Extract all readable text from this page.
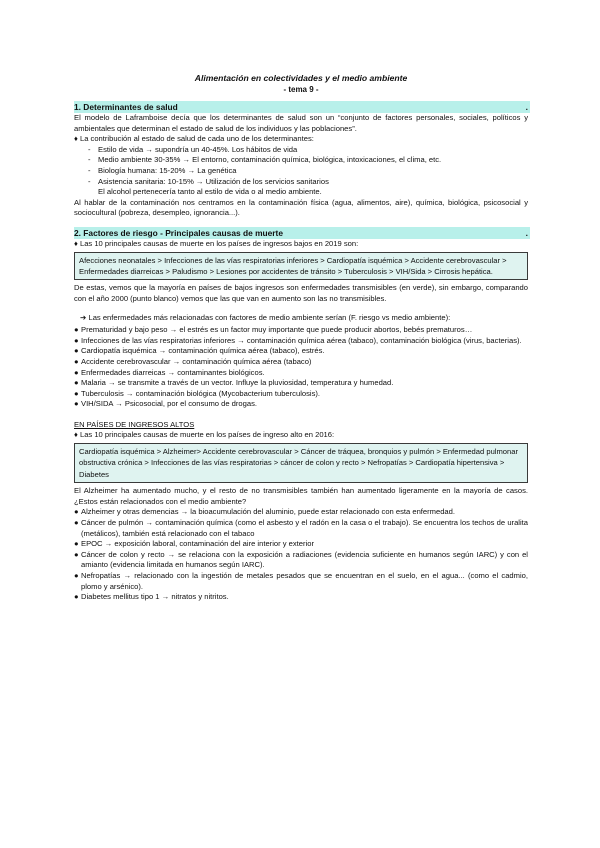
Alimentación en colectividades y el medio ambiente
- tema 9 -
1. Determinantes de salud	.

El modelo de Laframboise decía que los determinantes de salud son un “conjunto de factores personales, sociales, políticos y ambientales que determinan el estado de salud de los individuos y las poblaciones”.

♦ La contribución al estado de salud de cada uno de los determinantes:
- Estilo de vida → supondría un 40-45%. Los hábitos de vida
- Medio ambiente 30-35% → El entorno, contaminación química, biológica, intoxicaciones, el clima, etc.
- Biología humana: 15-20% → La genética
- Asistencia sanitaria: 10-15% → Utilización de los servicios sanitarios
El alcohol pertenecería tanto al estilo de vida o al medio ambiente.

Al hablar de la contaminación nos centramos en la contaminación física (agua, alimentos, aire), química, biológica, psicosocial y sociocultural (pobreza, desempleo, ignorancia...).

2. Factores de riesgo - Principales causas de muerte	.
♦ Las 10 principales causas de muerte en los países de ingresos bajos en 2019 son:
Afecciones neonatales > Infecciones de las vías respiratorias inferiores > Cardiopatía isquémica > Accidente cerebrovascular > Enfermedades diarreicas > Paludismo > Lesiones por accidentes de tránsito > Tuberculosis > VIH/Sida > Cirrosis hepática.

De estas, vemos que la mayoría en países de bajos ingresos son enfermedades transmisibles (en verde), sin embargo, comparando con el año 2000 (punto blanco) vemos que las que van en aumento son las no transmisibles.

➔ Las enfermedades más relacionadas con factores de medio ambiente serían (F. riesgo vs medio ambiente):
● Prematuridad y bajo peso → el estrés es un factor muy importante que puede producir abortos, bebés prematuros…
● Infecciones de las vías respiratorias inferiores → contaminación química aérea (tabaco), contaminación biológica (virus, bacterias).
● Cardiopatía isquémica → contaminación química aérea (tabaco), estrés.
● Accidente cerebrovascular → contaminación química aérea (tabaco)
● Enfermedades diarreicas → contaminantes biológicos.
● Malaria → se transmite a través de un vector. Influye la pluviosidad, temperatura y humedad.
● Tuberculosis → contaminación biológica (Mycobacterium tuberculosis).
● VIH/SIDA → Psicosocial, por el consumo de drogas.
EN PAÍSES DE INGRESOS ALTOS
♦ Las 10 principales causas de muerte en los países de ingreso alto en 2016:
Cardiopatía isquémica > Alzheimer> Accidente cerebrovascular > Cáncer de tráquea, bronquios y pulmón > Enfermedad pulmonar obstructiva crónica > Infecciones de las vías respiratorias > cáncer de colon y recto > Nefropatías > Cardiopatía hipertensiva > Diabetes

El Alzheimer ha aumentado mucho, y el resto de no transmisibles también han aumentado ligeramente en la mayoría de casos. ¿Estos están relacionados con el medio ambiente?

● Alzheimer y otras demencias → la bioacumulación del aluminio, puede estar relacionado con esta enfermedad.
● Cáncer de pulmón → contaminación química (como el asbesto y el radón en la casa o el trabajo). Se encuentra los techos de uralita (metálicos), también está relacionado con el tabaco
● EPOC → exposición laboral, contaminación del aire interior y exterior
● Cáncer de colon y recto → se relaciona con la exposición a radiaciones (evidencia suficiente en humanos según IARC) y con el amianto (evidencia limitada en humanos según IARC).
● Nefropatías → relacionado con la ingestión de metales pesados que se encuentran en el suelo, en el agua... (como el cadmio, plomo y arsénico).
● Diabetes mellitus tipo 1 → nitratos y nitritos.
